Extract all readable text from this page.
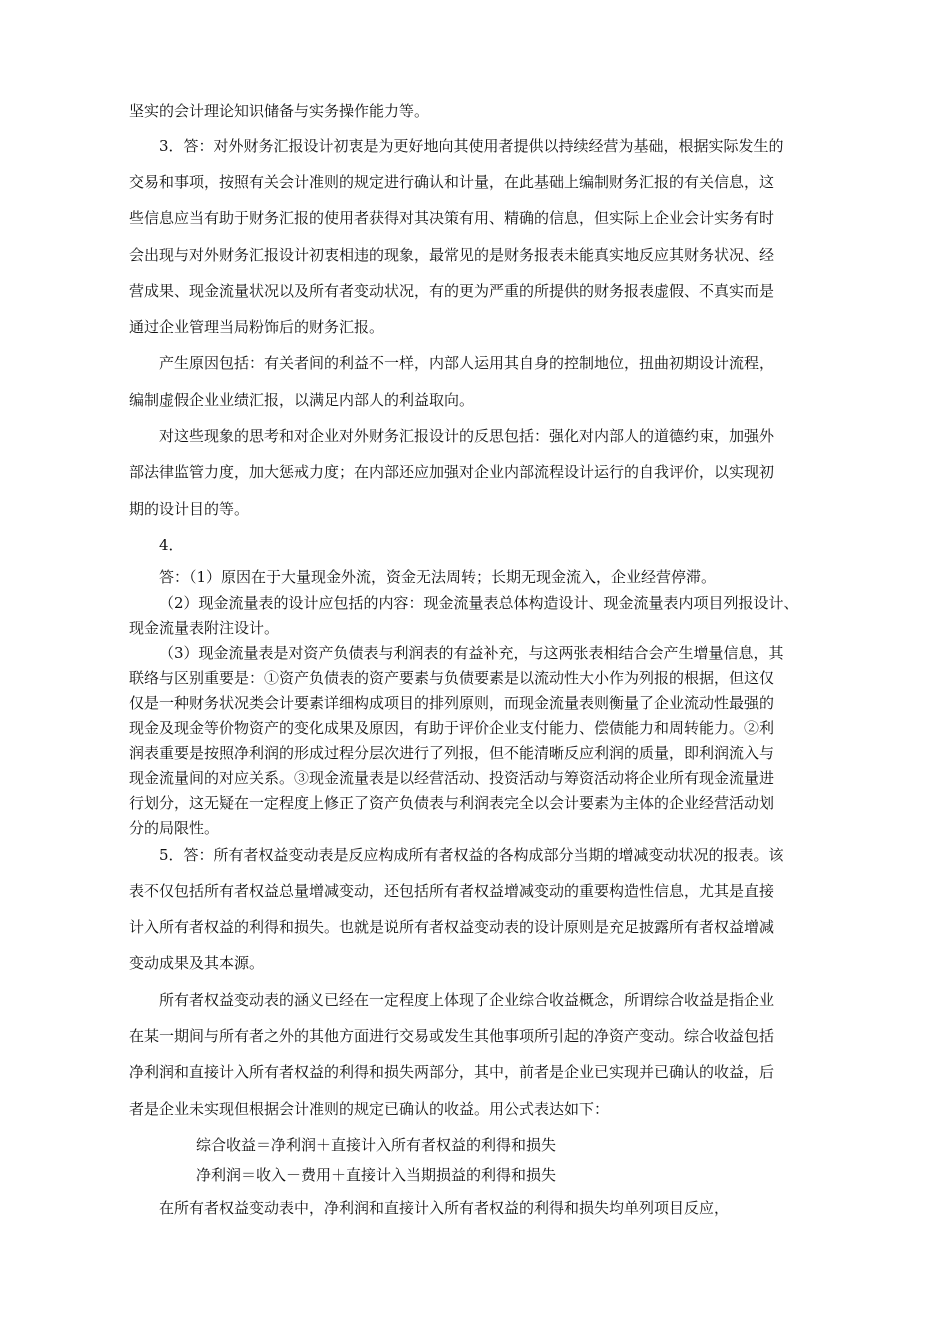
坚实的会计理论知识储备与实务操作能力等。
3．答：对外财务汇报设计初衷是为更好地向其使用者提供以持续经营为基础，根据实际发生的
交易和事项，按照有关会计准则的规定进行确认和计量，在此基础上编制财务汇报的有关信息，这
些信息应当有助于财务汇报的使用者获得对其决策有用、精确的信息，但实际上企业会计实务有时
会出现与对外财务汇报设计初衷相违的现象，最常见的是财务报表未能真实地反应其财务状况、经
营成果、现金流量状况以及所有者变动状况，有的更为严重的所提供的财务报表虚假、不真实而是
通过企业管理当局粉饰后的财务汇报。
产生原因包括：有关者间的利益不一样，内部人运用其自身的控制地位，扭曲初期设计流程，
编制虚假企业业绩汇报，以满足内部人的利益取向。
对这些现象的思考和对企业对外财务汇报设计的反思包括：强化对内部人的道德约束，加强外
部法律监管力度，加大惩戒力度；在内部还应加强对企业内部流程设计运行的自我评价，以实现初
期的设计目的等。
4．
答：（1）原因在于大量现金外流，资金无法周转；长期无现金流入，企业经营停滞。
（2）现金流量表的设计应包括的内容：现金流量表总体构造设计、现金流量表内项目列报设计、
现金流量表附注设计。
（3）现金流量表是对资产负债表与利润表的有益补充，与这两张表相结合会产生增量信息，其
联络与区别重要是：①资产负债表的资产要素与负债要素是以流动性大小作为列报的根据，但这仅
仅是一种财务状况类会计要素详细构成项目的排列原则，而现金流量表则衡量了企业流动性最强的
现金及现金等价物资产的变化成果及原因，有助于评价企业支付能力、偿债能力和周转能力。②利
润表重要是按照净利润的形成过程分层次进行了列报，但不能清晰反应利润的质量，即利润流入与
现金流量间的对应关系。③现金流量表是以经营活动、投资活动与筹资活动将企业所有现金流量进
行划分，这无疑在一定程度上修正了资产负债表与利润表完全以会计要素为主体的企业经营活动划
分的局限性。
5．答：所有者权益变动表是反应构成所有者权益的各构成部分当期的增减变动状况的报表。该
表不仅包括所有者权益总量增减变动，还包括所有者权益增减变动的重要构造性信息，尤其是直接
计入所有者权益的利得和损失。也就是说所有者权益变动表的设计原则是充足披露所有者权益增减
变动成果及其本源。
所有者权益变动表的涵义已经在一定程度上体现了企业综合收益概念，所谓综合收益是指企业
在某一期间与所有者之外的其他方面进行交易或发生其他事项所引起的净资产变动。综合收益包括
净利润和直接计入所有者权益的利得和损失两部分，其中，前者是企业已实现并已确认的收益，后
者是企业未实现但根据会计准则的规定已确认的收益。用公式表达如下：
综合收益＝净利润＋直接计入所有者权益的利得和损失
净利润＝收入－费用＋直接计入当期损益的利得和损失
在所有者权益变动表中，净利润和直接计入所有者权益的利得和损失均单列项目反应，
